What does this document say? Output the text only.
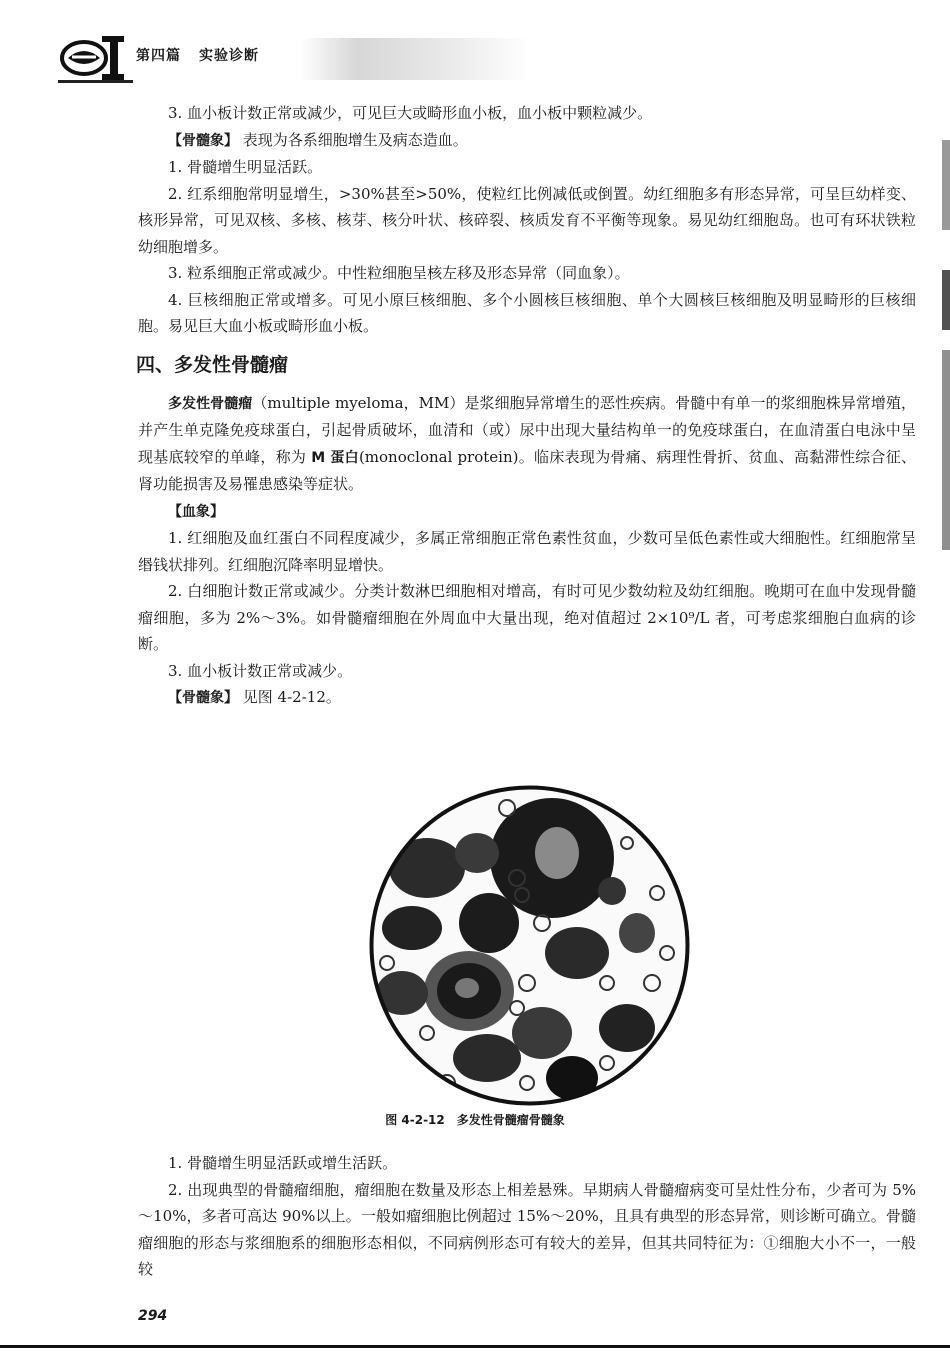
第四篇 实验诊断

3. 血小板计数正常或减少，可见巨大或畸形血小板，血小板中颗粒减少。

【骨髓象】 表现为各系细胞增生及病态造血。

1. 骨髓增生明显活跃。

2. 红系细胞常明显增生，>30%甚至>50%，使粒红比例减低或倒置。幼红细胞多有形态异常，可呈巨幼样变、核形异常，可见双核、多核、核芽、核分叶状、核碎裂、核质发育不平衡等现象。易见幼红细胞岛。也可有环状铁粒幼细胞增多。

3. 粒系细胞正常或减少。中性粒细胞呈核左移及形态异常（同血象）。

4. 巨核细胞正常或增多。可见小原巨核细胞、多个小圆核巨核细胞、单个大圆核巨核细胞及明显畸形的巨核细胞。易见巨大血小板或畸形血小板。

四、多发性骨髓瘤

多发性骨髓瘤（multiple myeloma，MM）是浆细胞异常增生的恶性疾病。骨髓中有单一的浆细胞株异常增殖，并产生单克隆免疫球蛋白，引起骨质破坏，血清和（或）尿中出现大量结构单一的免疫球蛋白，在血清蛋白电泳中呈现基底较窄的单峰，称为 M 蛋白(monoclonal protein)。临床表现为骨痛、病理性骨折、贫血、高黏滞性综合征、肾功能损害及易罹患感染等症状。

【血象】

1. 红细胞及血红蛋白不同程度减少，多属正常细胞正常色素性贫血，少数可呈低色素性或大细胞性。红细胞常呈缗钱状排列。红细胞沉降率明显增快。

2. 白细胞计数正常或减少。分类计数淋巴细胞相对增高，有时可见少数幼粒及幼红细胞。晚期可在血中发现骨髓瘤细胞，多为 2%～3%。如骨髓瘤细胞在外周血中大量出现，绝对值超过 2×10⁹/L 者，可考虑浆细胞白血病的诊断。

3. 血小板计数正常或减少。

【骨髓象】 见图 4-2-12。

图 4-2-12　多发性骨髓瘤骨髓象

1. 骨髓增生明显活跃或增生活跃。

2. 出现典型的骨髓瘤细胞，瘤细胞在数量及形态上相差悬殊。早期病人骨髓瘤病变可呈灶性分布，少者可为 5%～10%，多者可高达 90%以上。一般如瘤细胞比例超过 15%～20%，且具有典型的形态异常，则诊断可确立。骨髓瘤细胞的形态与浆细胞系的细胞形态相似，不同病例形态可有较大的差异，但其共同特征为：①细胞大小不一，一般较

294
